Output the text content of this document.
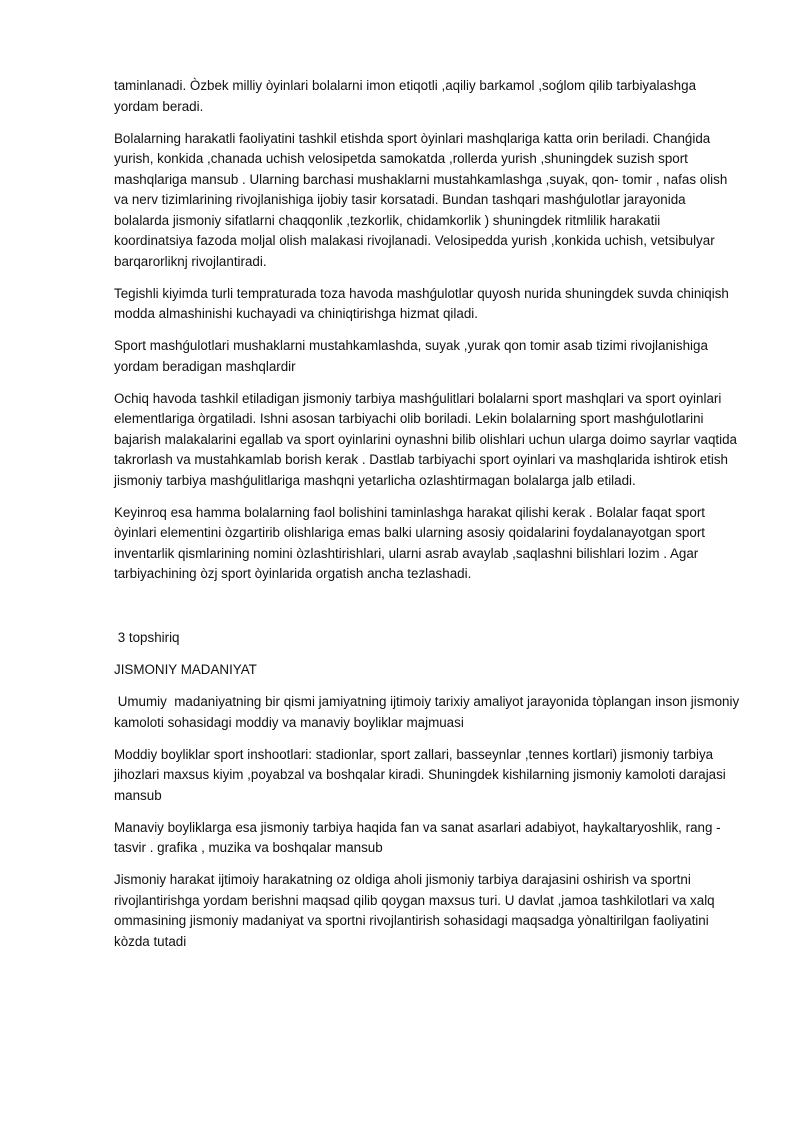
taminlanadi. Òzbek milliy òyinlari bolalarni imon etiqotli ,aqiliy barkamol ,soǵlom qilib tarbiyalashga yordam beradi.

Bolalarning harakatli faoliyatini tashkil etishda sport òyinlari mashqlariga katta orin beriladi. Chanǵida yurish, konkida ,chanada uchish velosipetda samokatda ,rollerda yurish ,shuningdek suzish sport mashqlariga mansub . Ularning barchasi mushaklarni mustahkamlashga ,suyak, qon- tomir , nafas olish va nerv tizimlarining rivojlanishiga ijobiy tasir korsatadi. Bundan tashqari mashǵulotlar jarayonida bolalarda jismoniy sifatlarni chaqqonlik ,tezkorlik, chidamkorlik ) shuningdek ritmlilik harakatii koordinatsiya fazoda moljal olish malakasi rivojlanadi. Velosipedda yurish ,konkida uchish, vetsibulyar barqarorliknj rivojlantiradi.

Tegishli kiyimda turli tempraturada toza havoda mashǵulotlar quyosh nurida shuningdek suvda chiniqish modda almashinishi kuchayadi va chiniqtirishga hizmat qiladi.

Sport mashǵulotlari mushaklarni mustahkamlashda, suyak ,yurak qon tomir asab tizimi rivojlanishiga yordam beradigan mashqlardir

Ochiq havoda tashkil etiladigan jismoniy tarbiya mashǵulitlari bolalarni sport mashqlari va sport oyinlari elementlariga òrgatiladi. Ishni asosan tarbiyachi olib boriladi. Lekin bolalarning sport mashǵulotlarini bajarish malakalarini egallab va sport oyinlarini oynashni bilib olishlari uchun ularga doimo sayrlar vaqtida takrorlash va mustahkamlab borish kerak . Dastlab tarbiyachi sport oyinlari va mashqlarida ishtirok etish jismoniy tarbiya mashǵulitlariga mashqni yetarlicha ozlashtirmagan bolalarga jalb etiladi.

Keyinroq esa hamma bolalarning faol bolishini taminlashga harakat qilishi kerak . Bolalar faqat sport òyinlari elementini òzgartirib olishlariga emas balki ularning asosiy qoidalarini foydalanayotgan sport inventarlik qismlarining nomini òzlashtirishlari, ularni asrab avaylab ,saqlashni bilishlari lozim . Agar tarbiyachining òzj sport òyinlarida orgatish ancha tezlashadi.

3 topshiriq

JISMONIY MADANIYAT

Umumiy  madaniyatning bir qismi jamiyatning ijtimoiy tarixiy amaliyot jarayonida tòplangan inson jismoniy kamoloti sohasidagi moddiy va manaviy boyliklar majmuasi

Moddiy boyliklar sport inshootlari: stadionlar, sport zallari, basseynlar ,tennes kortlari) jismoniy tarbiya jihozlari maxsus kiyim ,poyabzal va boshqalar kiradi. Shuningdek kishilarning jismoniy kamoloti darajasi mansub

Manaviy boyliklarga esa jismoniy tarbiya haqida fan va sanat asarlari adabiyot, haykaltaryoshlik, rang - tasvir . grafika , muzika va boshqalar mansub

Jismoniy harakat ijtimoiy harakatning oz oldiga aholi jismoniy tarbiya darajasini oshirish va sportni rivojlantirishga yordam berishni maqsad qilib qoygan maxsus turi. U davlat ,jamoa tashkilotlari va xalq ommasining jismoniy madaniyat va sportni rivojlantirish sohasidagi maqsadga yònaltirilgan faoliyatini kòzda tutadi
